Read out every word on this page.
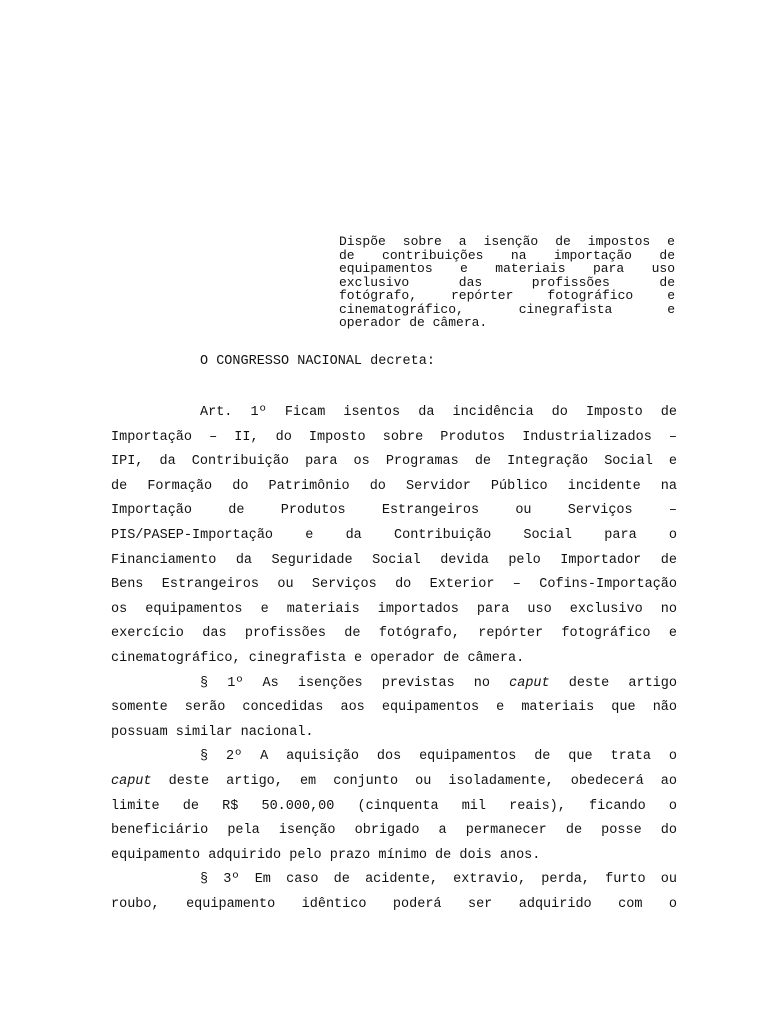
Dispõe sobre a isenção de impostos e
de contribuições na importação de
equipamentos e materiais para uso
exclusivo das profissões de
fotógrafo, repórter fotográfico e
cinematográfico, cinegrafista e
operador de câmera.
O CONGRESSO NACIONAL decreta:
Art. 1º Ficam isentos da incidência do Imposto de
Importação – II, do Imposto sobre Produtos Industrializados –
IPI, da Contribuição para os Programas de Integração Social e
de Formação do Patrimônio do Servidor Público incidente na
Importação de Produtos Estrangeiros ou Serviços –
PIS/PASEP-Importação e da Contribuição Social para o
Financiamento da Seguridade Social devida pelo Importador de
Bens Estrangeiros ou Serviços do Exterior – Cofins-Importação
os equipamentos e materiais importados para uso exclusivo no
exercício das profissões de fotógrafo, repórter fotográfico e
cinematográfico, cinegrafista e operador de câmera.
§ 1º As isenções previstas no caput deste artigo
somente serão concedidas aos equipamentos e materiais que não
possuam similar nacional.
§ 2º A aquisição dos equipamentos de que trata o
caput deste artigo, em conjunto ou isoladamente, obedecerá ao
limite de R$ 50.000,00 (cinquenta mil reais), ficando o
beneficiário pela isenção obrigado a permanecer de posse do
equipamento adquirido pelo prazo mínimo de dois anos.
§ 3º Em caso de acidente, extravio, perda, furto ou
roubo, equipamento idêntico poderá ser adquirido com o
